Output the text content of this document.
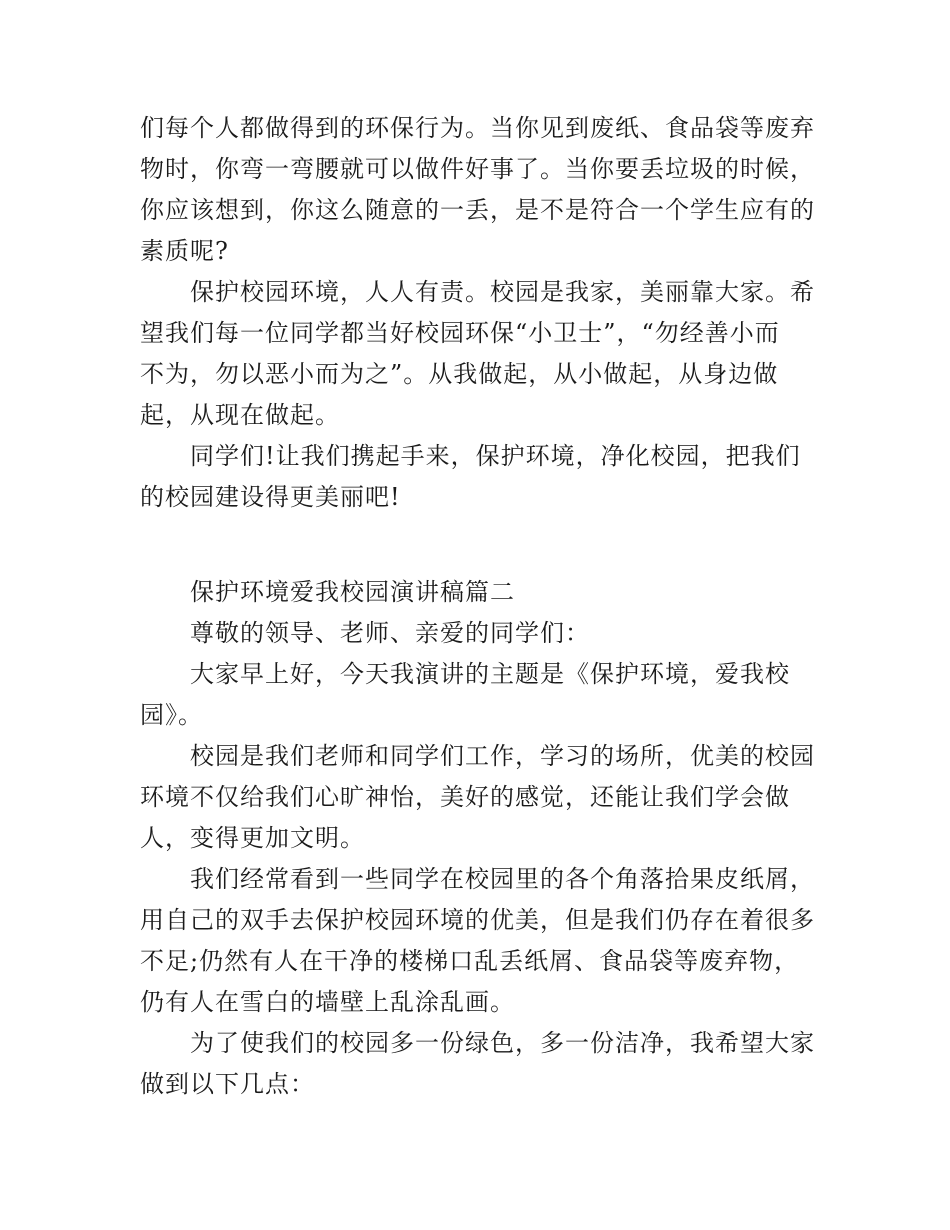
们每个人都做得到的环保行为。当你见到废纸、食品袋等废弃
物时，你弯一弯腰就可以做件好事了。当你要丢垃圾的时候，
你应该想到，你这么随意的一丢，是不是符合一个学生应有的
素质呢?
保护校园环境，人人有责。校园是我家，美丽靠大家。希
望我们每一位同学都当好校园环保“小卫士”，“勿经善小而
不为，勿以恶小而为之”。从我做起，从小做起，从身边做
起，从现在做起。
同学们!让我们携起手来，保护环境，净化校园，把我们
的校园建设得更美丽吧!
保护环境爱我校园演讲稿篇二
尊敬的领导、老师、亲爱的同学们：
大家早上好，今天我演讲的主题是《保护环境，爱我校
园》。
校园是我们老师和同学们工作，学习的场所，优美的校园
环境不仅给我们心旷神怡，美好的感觉，还能让我们学会做
人，变得更加文明。
我们经常看到一些同学在校园里的各个角落拾果皮纸屑，
用自己的双手去保护校园环境的优美，但是我们仍存在着很多
不足;仍然有人在干净的楼梯口乱丢纸屑、食品袋等废弃物，
仍有人在雪白的墙壁上乱涂乱画。
为了使我们的校园多一份绿色，多一份洁净，我希望大家
做到以下几点：
